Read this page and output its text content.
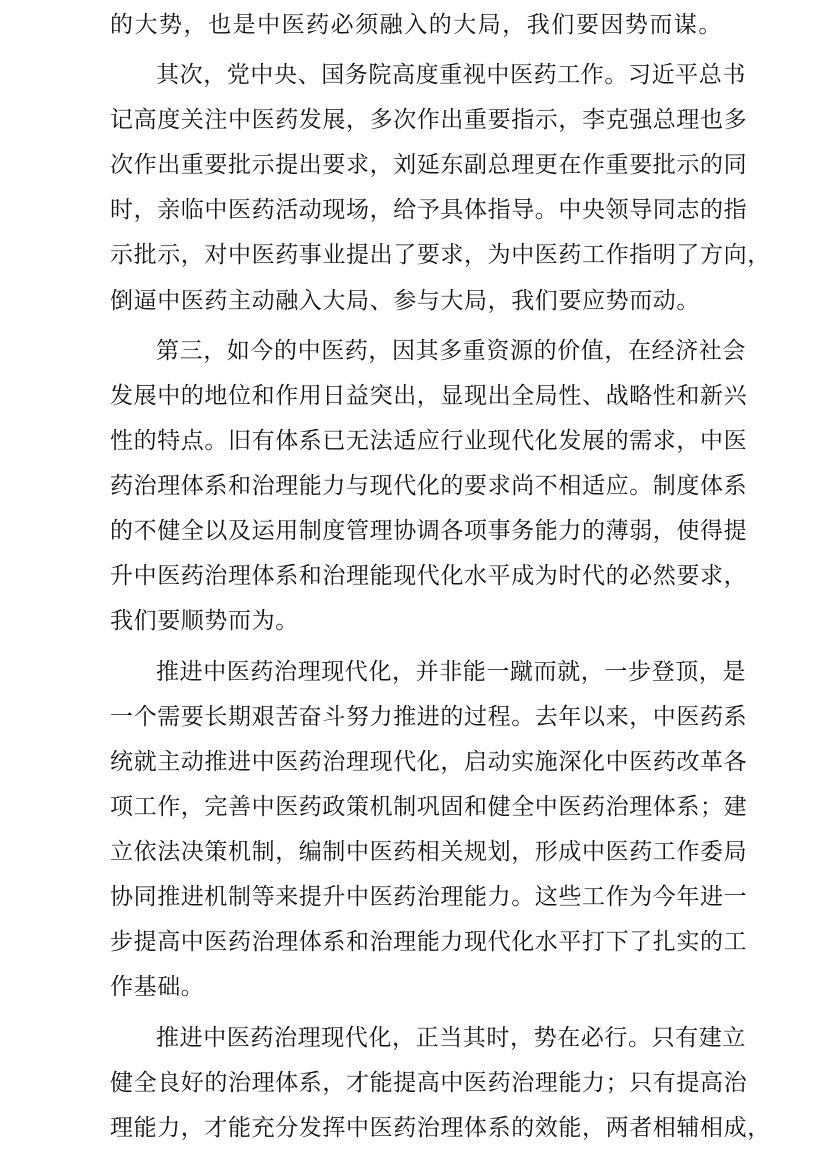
的大势，也是中医药必须融入的大局，我们要因势而谋。
其次，党中央、国务院高度重视中医药工作。习近平总书
记高度关注中医药发展，多次作出重要指示，李克强总理也多
次作出重要批示提出要求，刘延东副总理更在作重要批示的同
时，亲临中医药活动现场，给予具体指导。中央领导同志的指
示批示，对中医药事业提出了要求，为中医药工作指明了方向，
倒逼中医药主动融入大局、参与大局，我们要应势而动。
第三，如今的中医药，因其多重资源的价值，在经济社会
发展中的地位和作用日益突出，显现出全局性、战略性和新兴
性的特点。旧有体系已无法适应行业现代化发展的需求，中医
药治理体系和治理能力与现代化的要求尚不相适应。制度体系
的不健全以及运用制度管理协调各项事务能力的薄弱，使得提
升中医药治理体系和治理能现代化水平成为时代的必然要求，
我们要顺势而为。
推进中医药治理现代化，并非能一蹴而就，一步登顶，是
一个需要长期艰苦奋斗努力推进的过程。去年以来，中医药系
统就主动推进中医药治理现代化，启动实施深化中医药改革各
项工作，完善中医药政策机制巩固和健全中医药治理体系；建
立依法决策机制，编制中医药相关规划，形成中医药工作委局
协同推进机制等来提升中医药治理能力。这些工作为今年进一
步提高中医药治理体系和治理能力现代化水平打下了扎实的工
作基础。
推进中医药治理现代化，正当其时，势在必行。只有建立
健全良好的治理体系，才能提高中医药治理能力；只有提高治
理能力，才能充分发挥中医药治理体系的效能，两者相辅相成，
